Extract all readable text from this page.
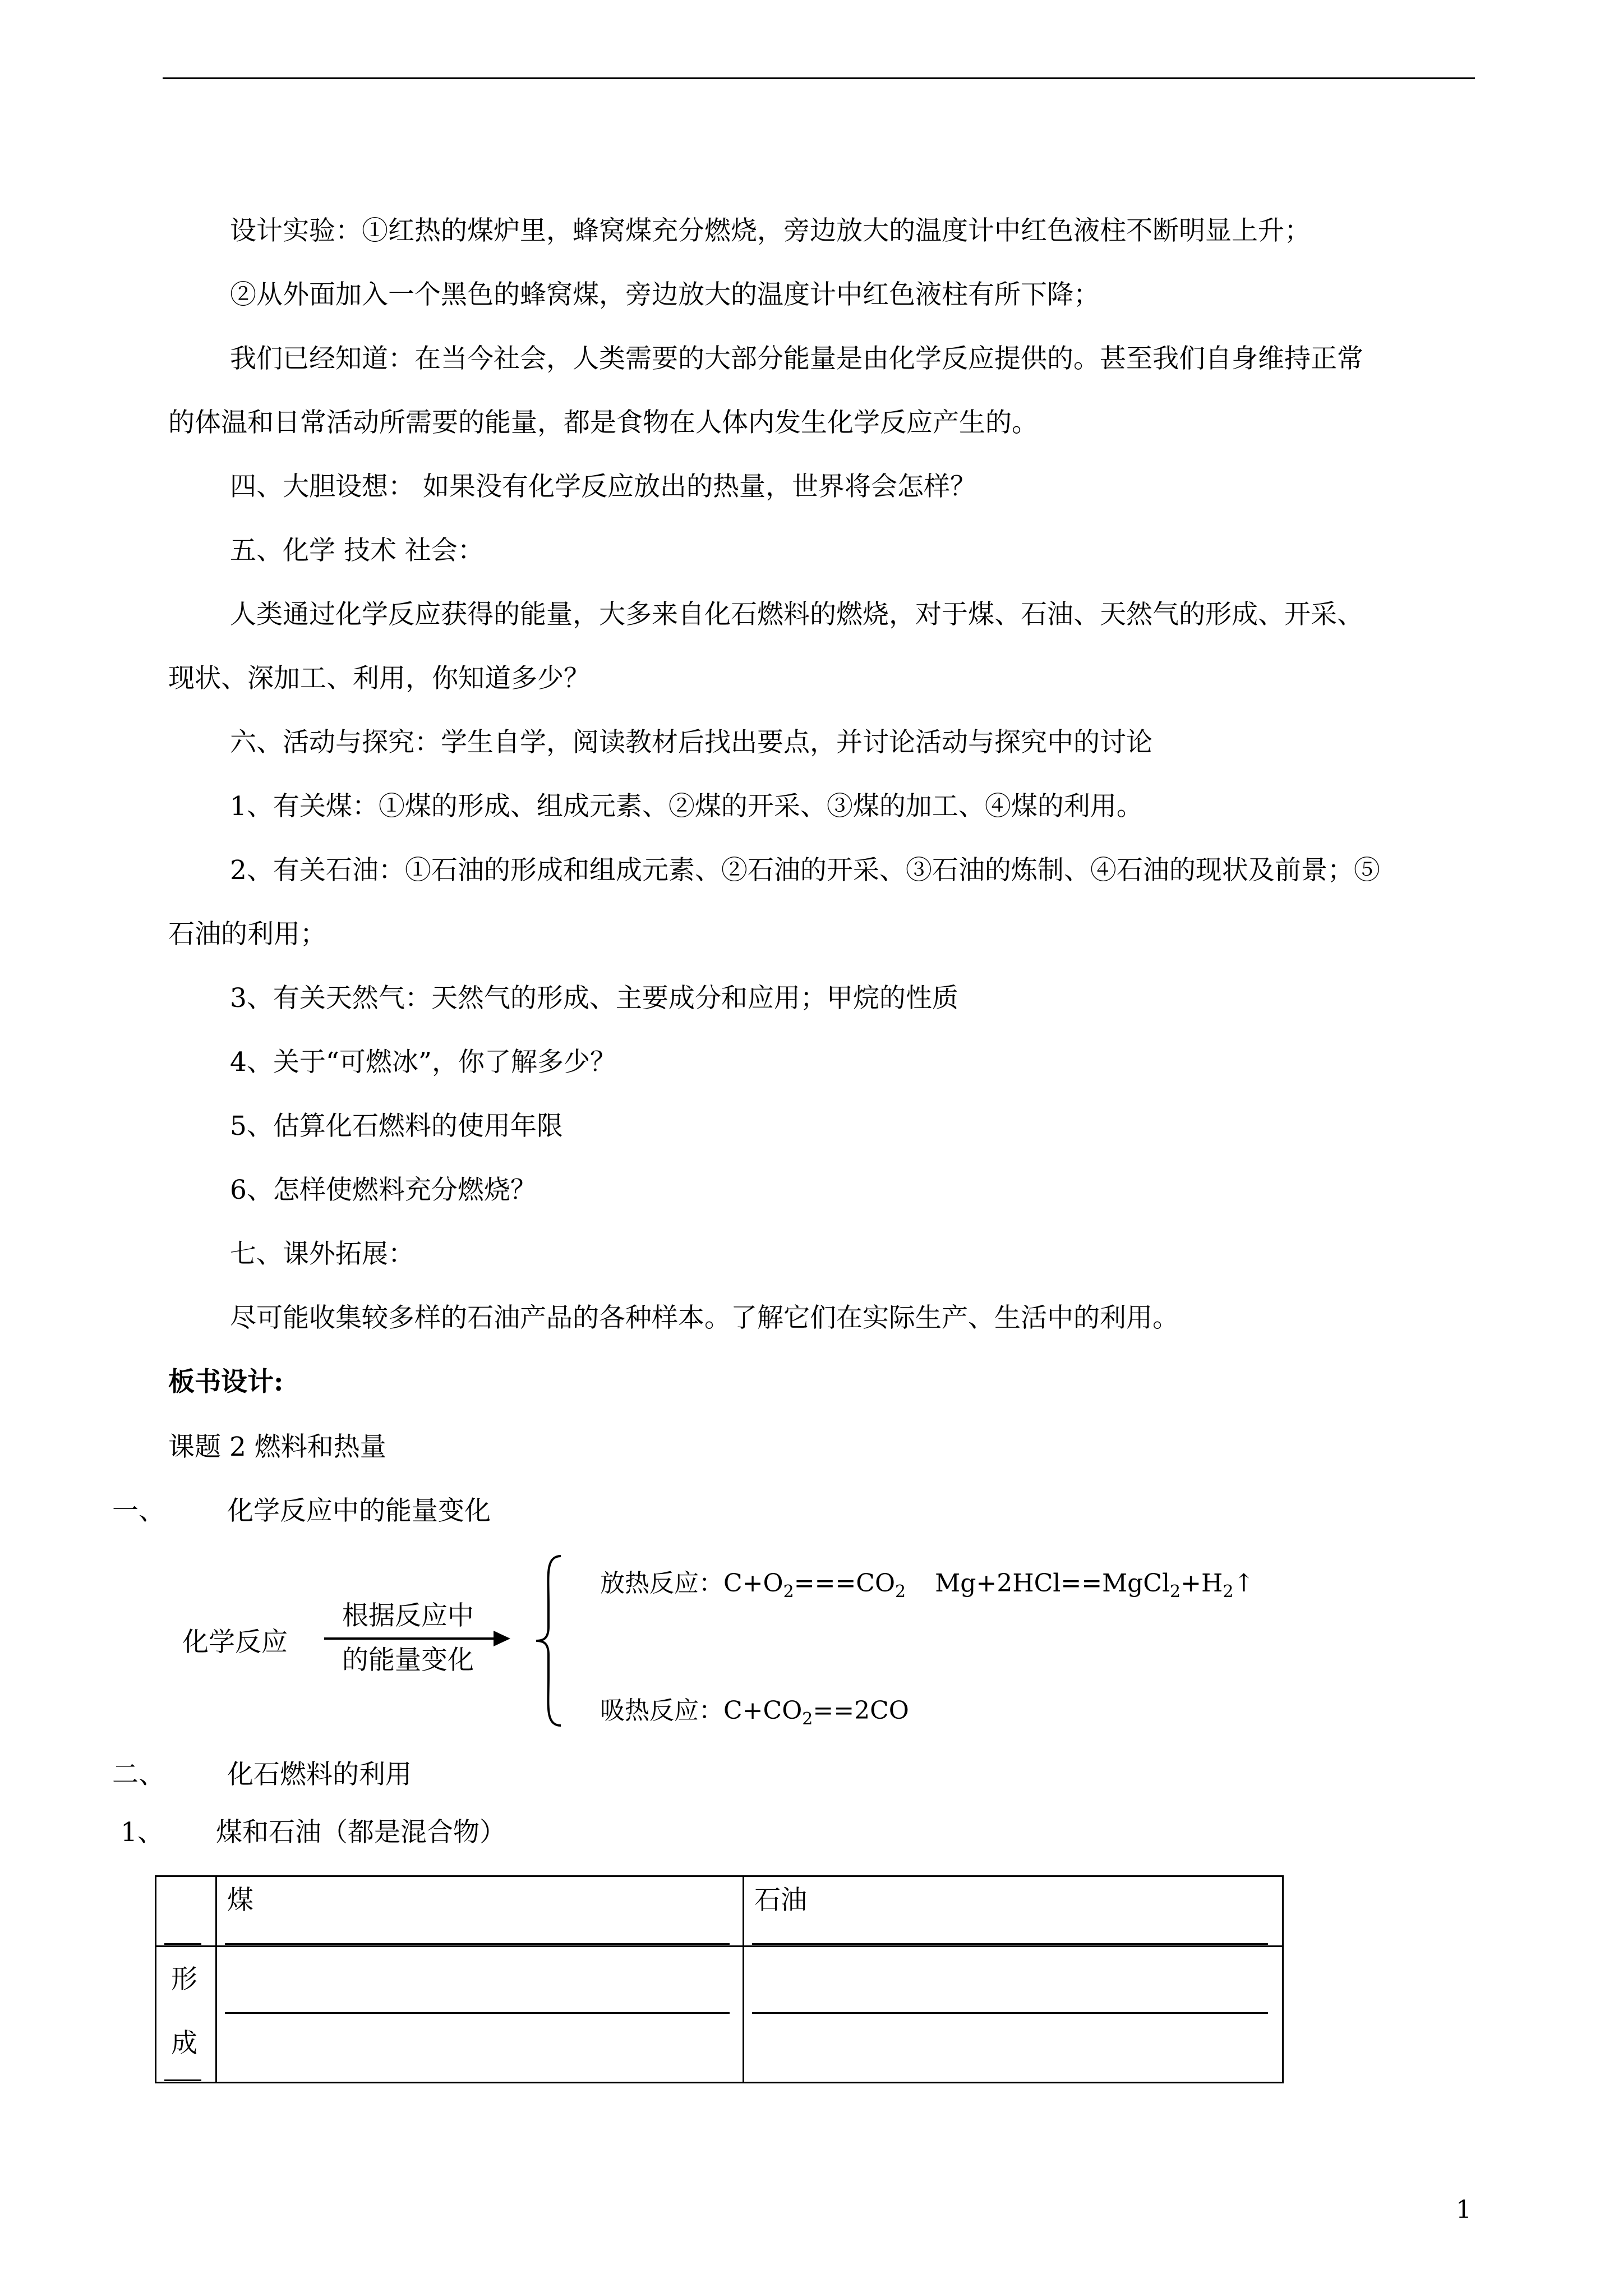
设计实验：①红热的煤炉里，蜂窝煤充分燃烧，旁边放大的温度计中红色液柱不断明显上升；
②从外面加入一个黑色的蜂窝煤，旁边放大的温度计中红色液柱有所下降；
我们已经知道：在当今社会，人类需要的大部分能量是由化学反应提供的。甚至我们自身维持正常
的体温和日常活动所需要的能量，都是食物在人体内发生化学反应产生的。
四、大胆设想： 如果没有化学反应放出的热量，世界将会怎样？
五、化学 技术 社会：
人类通过化学反应获得的能量，大多来自化石燃料的燃烧，对于煤、石油、天然气的形成、开采、
现状、深加工、利用，你知道多少？
六、活动与探究：学生自学，阅读教材后找出要点，并讨论活动与探究中的讨论
1、有关煤：①煤的形成、组成元素、②煤的开采、③煤的加工、④煤的利用。
2、有关石油：①石油的形成和组成元素、②石油的开采、③石油的炼制、④石油的现状及前景；⑤
石油的利用；
3、有关天然气：天然气的形成、主要成分和应用；甲烷的性质
4、关于“可燃冰”，你了解多少？
5、估算化石燃料的使用年限
6、怎样使燃料充分燃烧？
七、课外拓展：
尽可能收集较多样的石油产品的各种样本。了解它们在实际生产、生活中的利用。
板书设计:
课题 2 燃料和热量
一、 化学反应中的能量变化
化学反应
根据反应中
的能量变化
放热反应：$C+O_2===CO_2$ $Mg+2HCl==MgCl_2+H_2↑$
吸热反应：$C+CO_2==2CO$
二、 化石燃料的利用
1、 煤和石油（都是混合物）

	煤	石油

形
成		

1
